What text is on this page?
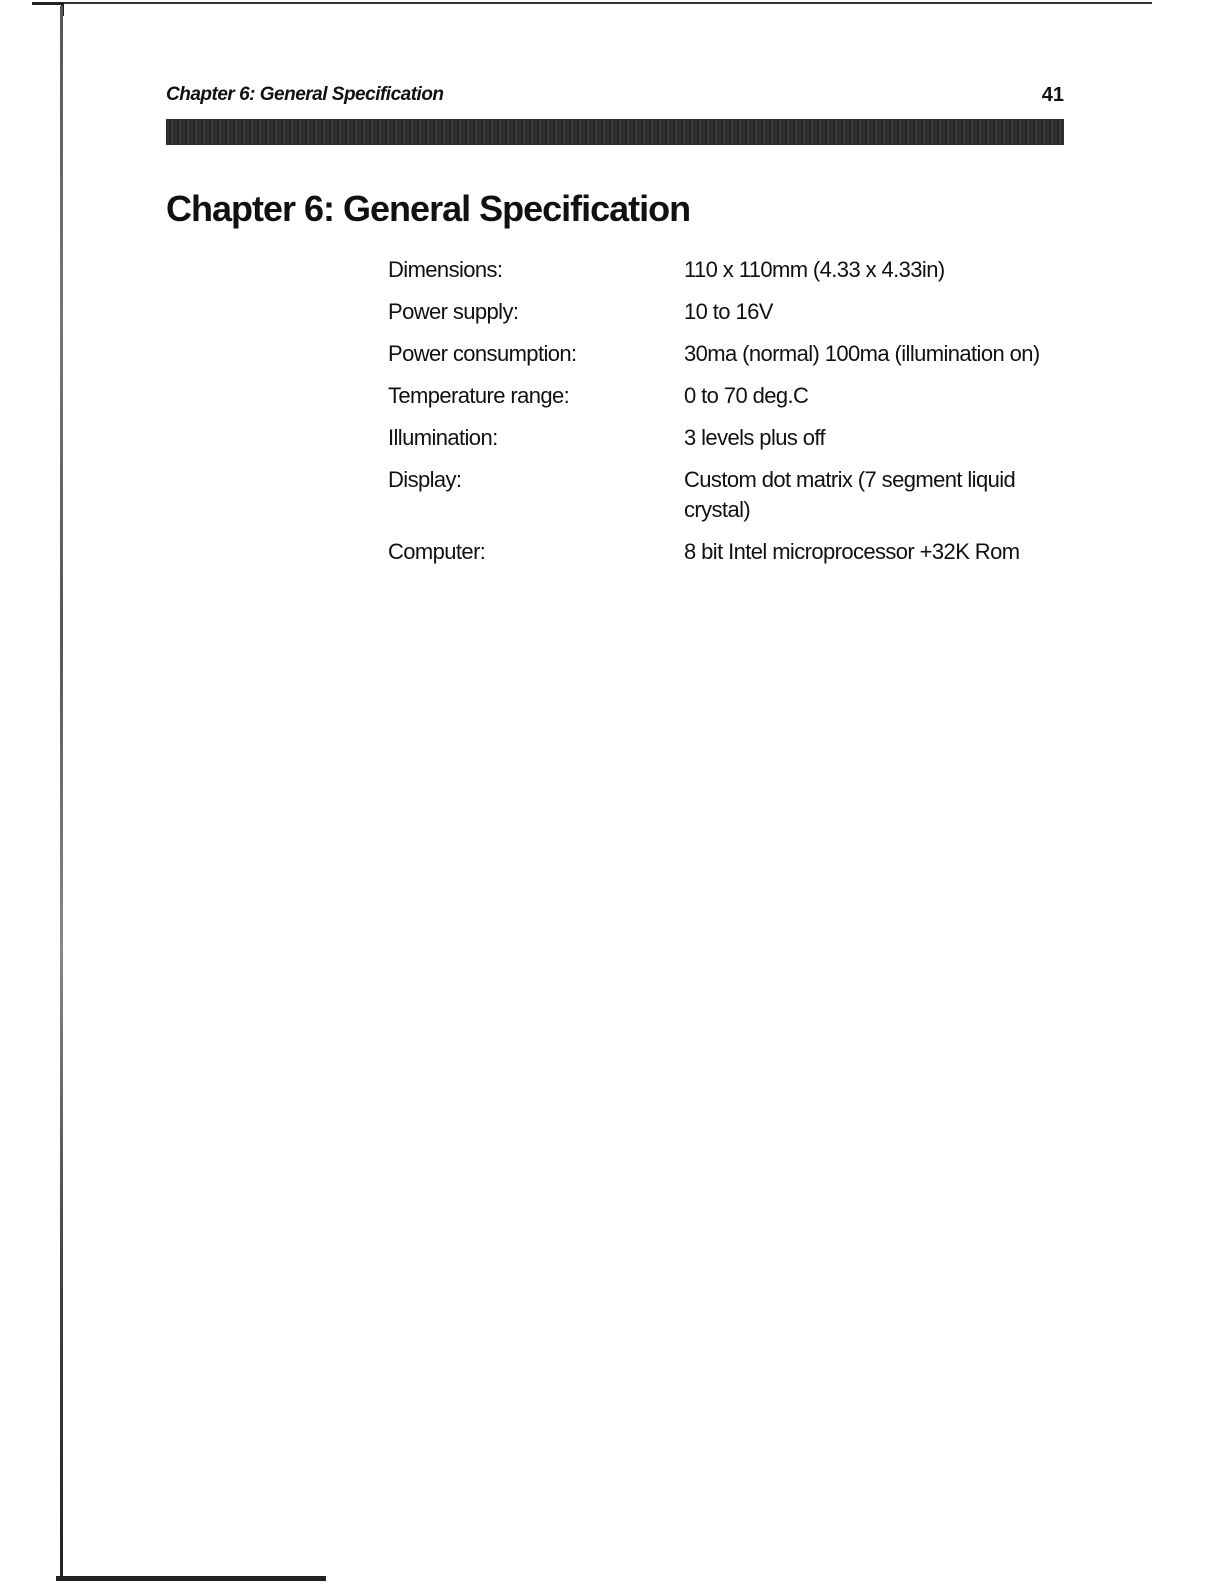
Chapter 6: General Specification	41
Chapter 6: General Specification
Dimensions:	110 x 110mm (4.33 x 4.33in)
Power supply:	10 to 16V
Power consumption:	30ma (normal) 100ma (illumination on)
Temperature range:	0 to 70 deg.C
Illumination:	3 levels plus off
Display:	Custom dot matrix (7 segment liquid crystal)
Computer:	8 bit Intel microprocessor +32K Rom
